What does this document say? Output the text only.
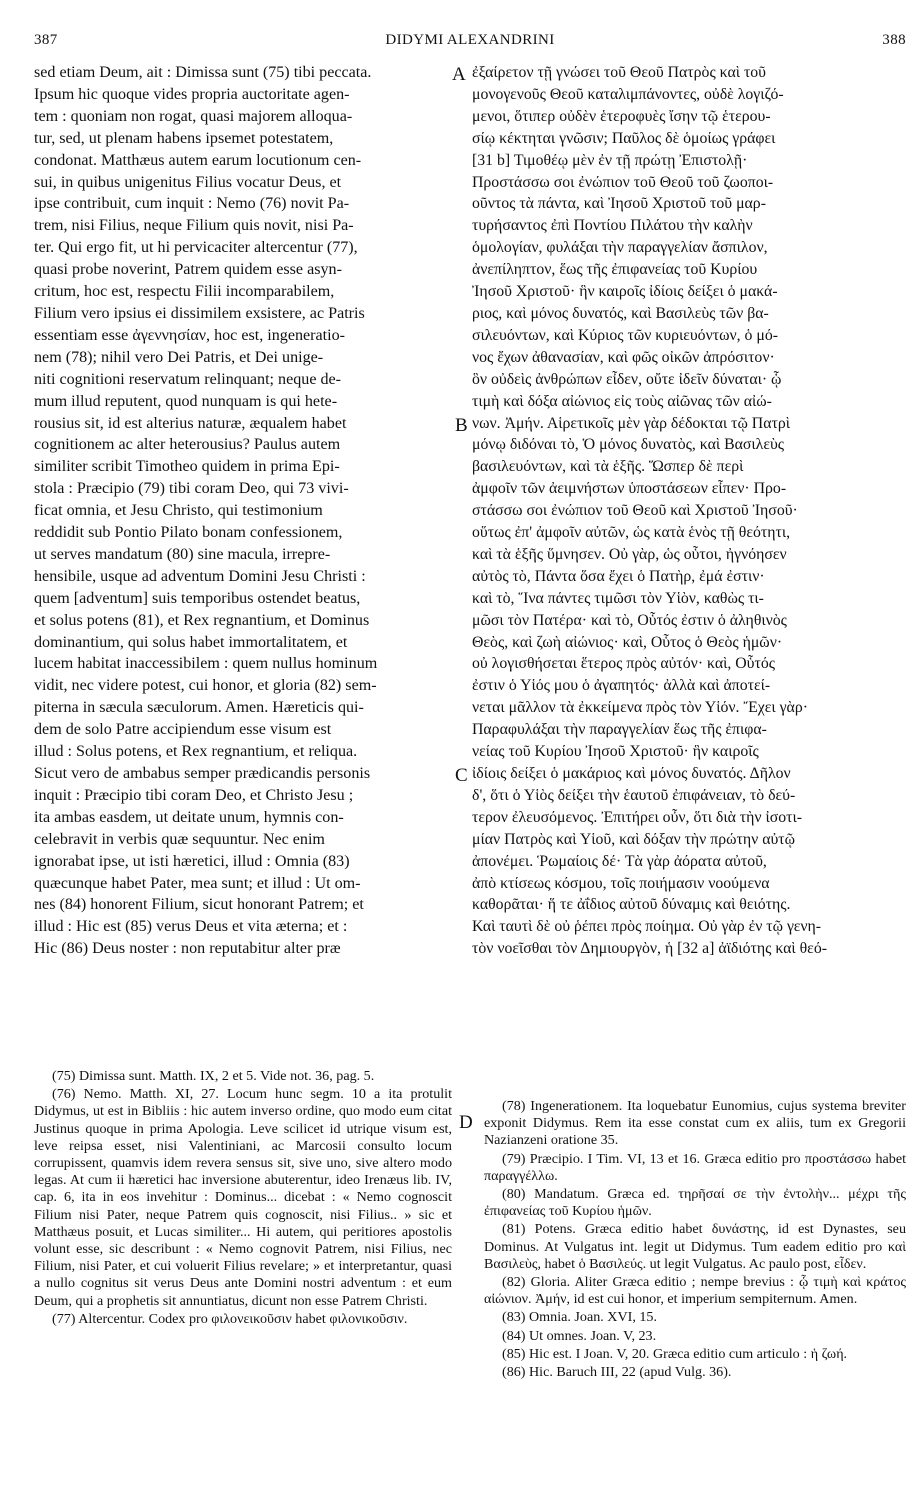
387	DIDYMI ALEXANDRINI	388

sed etiam Deum, ait : Dimissa sunt (75) tibi peccata.
Ipsum hic quoque vides propria auctoritate agen-
tem : quoniam non rogat, quasi majorem alloqua-
tur, sed, ut plenam habens ipsemet potestatem,
condonat. Matthæus autem earum locutionum cen-
sui, in quibus unigenitus Filius vocatur Deus, et
ipse contribuit, cum inquit : Nemo (76) novit Pa-
trem, nisi Filius, neque Filium quis novit, nisi Pa-
ter. Qui ergo fit, ut hi pervicaciter altercentur (77),
quasi probe noverint, Patrem quidem esse asyn-
critum, hoc est, respectu Filii incomparabilem,
Filium vero ipsius ei dissimilem exsistere, ac Patris
essentiam esse ἀγεννησίαν, hoc est, ingeneratio-
nem (78); nihil vero Dei Patris, et Dei unige-
niti cognitioni reservatum relinquant; neque de-
mum illud reputent, quod nunquam is qui hete-
rousius sit, id est alterius naturæ, æqualem habet
cognitionem ac alter heterousius? Paulus autem
similiter scribit Timotheo quidem in prima Epi-
stola : Præcipio (79) tibi coram Deo, qui 73 vivi-
ficat omnia, et Jesu Christo, qui testimonium
reddidit sub Pontio Pilato bonam confessionem,
ut serves mandatum (80) sine macula, irrepre-
hensibile, usque ad adventum Domini Jesu Christi :
quem [adventum] suis temporibus ostendet beatus,
et solus potens (81), et Rex regnantium, et Dominus
dominantium, qui solus habet immortalitatem, et
lucem habitat inaccessibilem : quem nullus hominum
vidit, nec videre potest, cui honor, et gloria (82) sem-
piterna in sæcula sæculorum. Amen. Hæreticis qui-
dem de solo Patre accipiendum esse visum est
illud : Solus potens, et Rex regnantium, et reliqua.
Sicut vero de ambabus semper prædicandis personis
inquit : Præcipio tibi coram Deo, et Christo Jesu ;
ita ambas easdem, ut deitate unum, hymnis con-
celebravit in verbis quæ sequuntur. Nec enim
ignorabat ipse, ut isti hæretici, illud : Omnia (83)
quæcunque habet Pater, mea sunt; et illud : Ut om-
nes (84) honorent Filium, sicut honorant Patrem; et
illud : Hic est (85) verus Deus et vita æterna; et :
Hic (86) Deus noster : non reputabitur alter præ

ἐξαίρετον τῇ γνώσει τοῦ Θεοῦ Πατρὸς καὶ τοῦ
μονογενοῦς Θεοῦ καταλιμπάνοντες, οὐδὲ λογιζό-
μενοι, ὅτιπερ οὐδὲν ἑτεροφυὲς ἴσην τῷ ἑτερου-
σίῳ κέκτηται γνῶσιν; Παῦλος δὲ ὁμοίως γράφει
[31 b] Τιμοθέῳ μὲν ἐν τῇ πρώτῃ Ἐπιστολῇ·
Προστάσσω σοι ἐνώπιον τοῦ Θεοῦ τοῦ ζωοποι-
οῦντος τὰ πάντα, καὶ Ἰησοῦ Χριστοῦ τοῦ μαρ-
τυρήσαντος ἐπὶ Ποντίου Πιλάτου τὴν καλὴν
ὁμολογίαν, φυλάξαι τὴν παραγγελίαν ἄσπιλον,
ἀνεπίληπτον, ἕως τῆς ἐπιφανείας τοῦ Κυρίου
Ἰησοῦ Χριστοῦ· ἣν καιροῖς ἰδίοις δείξει ὁ μακά-
ριος, καὶ μόνος δυνατός, καὶ Βασιλεὺς τῶν βα-
σιλευόντων, καὶ Κύριος τῶν κυριευόντων, ὁ μό-
νος ἔχων ἀθανασίαν, καὶ φῶς οἰκῶν ἀπρόσιτον·
ὃν οὐδεὶς ἀνθρώπων εἶδεν, οὔτε ἰδεῖν δύναται· ᾧ
τιμὴ καὶ δόξα αἰώνιος εἰς τοὺς αἰῶνας τῶν αἰώ-
νων. Ἀμήν. Αἱρετικοῖς μὲν γὰρ δέδοκται τῷ Πατρὶ
μόνῳ διδόναι τὸ, Ὁ μόνος δυνατὸς, καὶ Βασιλεὺς
βασιλευόντων, καὶ τὰ ἑξῆς. Ὥσπερ δὲ περὶ
ἀμφοῖν τῶν ἀειμνήστων ὑποστάσεων εἶπεν· Προ-
στάσσω σοι ἐνώπιον τοῦ Θεοῦ καὶ Χριστοῦ Ἰησοῦ·
οὕτως ἐπ' ἀμφοῖν αὐτῶν, ὡς κατὰ ἑνὸς τῇ θεότητι,
καὶ τὰ ἑξῆς ὕμνησεν. Οὐ γὰρ, ὡς οὗτοι, ἠγνόησεν
αὐτὸς τὸ, Πάντα ὅσα ἔχει ὁ Πατὴρ, ἐμά ἐστιν·
καὶ τὸ, Ἵνα πάντες τιμῶσι τὸν Υἱὸν, καθὼς τι-
μῶσι τὸν Πατέρα· καὶ τὸ, Οὗτός ἐστιν ὁ ἀληθινὸς
Θεὸς, καὶ ζωὴ αἰώνιος· καὶ, Οὗτος ὁ Θεὸς ἡμῶν·
οὐ λογισθήσεται ἕτερος πρὸς αὐτόν· καὶ, Οὗτός
ἐστιν ὁ Υἱός μου ὁ ἀγαπητός· ἀλλὰ καὶ ἀποτεί-
νεται μᾶλλον τὰ ἐκκείμενα πρὸς τὸν Υἱόν. Ἔχει γὰρ·
Παραφυλάξαι τὴν παραγγελίαν ἕως τῆς ἐπιφα-
νείας τοῦ Κυρίου Ἰησοῦ Χριστοῦ· ἣν καιροῖς
ἰδίοις δείξει ὁ μακάριος καὶ μόνος δυνατός. Δῆλον
δ', ὅτι ὁ Υἱὸς δείξει τὴν ἑαυτοῦ ἐπιφάνειαν, τὸ δεύ-
τερον ἐλευσόμενος. Ἐπιτήρει οὖν, ὅτι διὰ τὴν ἰσοτι-
μίαν Πατρὸς καὶ Υἱοῦ, καὶ δόξαν τὴν πρώτην αὐτῷ
ἀπονέμει. Ῥωμαίοις δέ· Τὰ γὰρ ἀόρατα αὐτοῦ,
ἀπὸ κτίσεως κόσμου, τοῖς ποιήμασιν νοούμενα
καθορᾶται· ἥ τε ἀΐδιος αὐτοῦ δύναμις καὶ θειότης.
Καὶ ταυτὶ δὲ οὐ ῥέπει πρὸς ποίημα. Οὐ γὰρ ἐν τῷ γενη-
τὸν νοεῖσθαι τὸν Δημιουργὸν, ἡ [32 a] ἀϊδιότης καὶ θεό-

A
B
C
D

(75) Dimissa sunt. Matth. IX, 2 et 5. Vide not. 36, pag. 5.

(76) Nemo. Matth. XI, 27. Locum hunc segm. 10 a ita protulit Didymus, ut est in Bibliis : hic autem inverso ordine, quo modo eum citat Justinus quoque in prima Apologia. Leve scilicet id utrique visum est, leve reipsa esset, nisi Valentiniani, ac Marcosii consulto locum corrupissent, quamvis idem revera sensus sit, sive uno, sive altero modo legas. At cum ii hæretici hac inversione abuterentur, ideo Irenæus lib. IV, cap. 6, ita in eos invehitur : Dominus... dicebat : « Nemo cognoscit Filium nisi Pater, neque Patrem quis cognoscit, nisi Filius.. » sic et Matthæus posuit, et Lucas similiter... Hi autem, qui peritiores apostolis volunt esse, sic describunt : « Nemo cognovit Patrem, nisi Filius, nec Filium, nisi Pater, et cui voluerit Filius revelare; » et interpretantur, quasi a nullo cognitus sit verus Deus ante Domini nostri adventum : et eum Deum, qui a prophetis sit annuntiatus, dicunt non esse Patrem Christi.

(77) Altercentur. Codex pro φιλονεικοῦσιν habet φιλονικοῦσιν.

(78) Ingenerationem. Ita loquebatur Eunomius, cujus systema breviter exponit Didymus. Rem ita esse constat cum ex aliis, tum ex Gregorii Nazianzeni oratione 35.

(79) Præcipio. I Tim. VI, 13 et 16. Græca editio pro προστάσσω habet παραγγέλλω.

(80) Mandatum. Græca ed. τηρῆσαί σε τὴν ἐντολὴν... μέχρι τῆς ἐπιφανείας τοῦ Κυρίου ἡμῶν.

(81) Potens. Græca editio habet δυνάστης, id est Dynastes, seu Dominus. At Vulgatus int. legit ut Didymus. Tum eadem editio pro καὶ Βασιλεὺς, habet ὁ Βασιλεύς. ut legit Vulgatus. Ac paulo post, εἶδεν.

(82) Gloria. Aliter Græca editio ; nempe brevius : ᾧ τιμὴ καὶ κράτος αἰώνιον. Ἀμήν, id est cui honor, et imperium sempiternum. Amen.

(83) Omnia. Joan. XVI, 15.

(84) Ut omnes. Joan. V, 23.

(85) Hic est. I Joan. V, 20. Græca editio cum articulo : ἡ ζωή.

(86) Hic. Baruch III, 22 (apud Vulg. 36).
